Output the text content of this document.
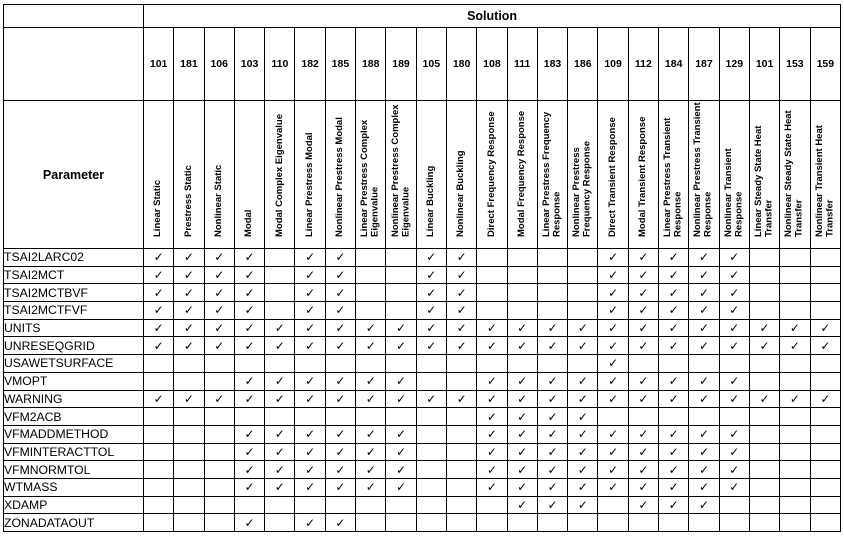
	Solution																						
	101	181	106	103	110	182	185	188	189	105	180	108	111	183	186	109	112	184	187	129	101	153	159
Parameter	Linear Static	Prestress Static	Nonlinear Static	Modal	Modal Complex Eigenvalue	Linear Prestress Modal	Nonlinear Prestress Modal	Linear Prestress Complex Eigenvalue	Nonlinear Prestress Complex Eigenvalue	Linear Buckling	Nonlinear Buckling	Direct Frequency Response	Modal Frequency Response	Linear Prestress Frequency Response	Nonlinear Prestress Frequency Response	Direct Transient Response	Modal Transient Response	Linear Prestress Transient Response	Nonlinear Prestress Transient Response	Nonlinear Transient Response	Linear Steady State Heat Transfer	Nonlinear Steady State Heat Transfer	Nonlinear Transient Heat Transfer
TSAI2LARC02	✓	✓	✓	✓		✓	✓			✓	✓					✓	✓	✓	✓	✓			
TSAI2MCT	✓	✓	✓	✓		✓	✓			✓	✓					✓	✓	✓	✓	✓			
TSAI2MCTBVF	✓	✓	✓	✓		✓	✓			✓	✓					✓	✓	✓	✓	✓			
TSAI2MCTFVF	✓	✓	✓	✓		✓	✓			✓	✓					✓	✓	✓	✓	✓			
UNITS	✓	✓	✓	✓	✓	✓	✓	✓	✓	✓	✓	✓	✓	✓	✓	✓	✓	✓	✓	✓	✓	✓	✓
UNRESEQGRID	✓	✓	✓	✓	✓	✓	✓	✓	✓	✓	✓	✓	✓	✓	✓	✓	✓	✓	✓	✓	✓	✓	✓
USAWETSURFACE																✓							
VMOPT				✓	✓	✓	✓	✓	✓			✓	✓	✓	✓	✓	✓	✓	✓	✓			
WARNING	✓	✓	✓	✓	✓	✓	✓	✓	✓	✓	✓	✓	✓	✓	✓	✓	✓	✓	✓	✓	✓	✓	✓
VFM2ACB												✓	✓	✓	✓								
VFMADDMETHOD				✓	✓	✓	✓	✓	✓			✓	✓	✓	✓	✓	✓	✓	✓	✓			
VFMINTERACTTOL				✓	✓	✓	✓	✓	✓			✓	✓	✓	✓	✓	✓	✓	✓	✓			
VFMNORMTOL				✓	✓	✓	✓	✓	✓			✓	✓	✓	✓	✓	✓	✓	✓	✓			
WTMASS				✓	✓	✓	✓	✓	✓			✓	✓	✓	✓	✓	✓	✓	✓	✓			
XDAMP													✓	✓	✓		✓	✓	✓				
ZONADATAOUT				✓		✓	✓																
